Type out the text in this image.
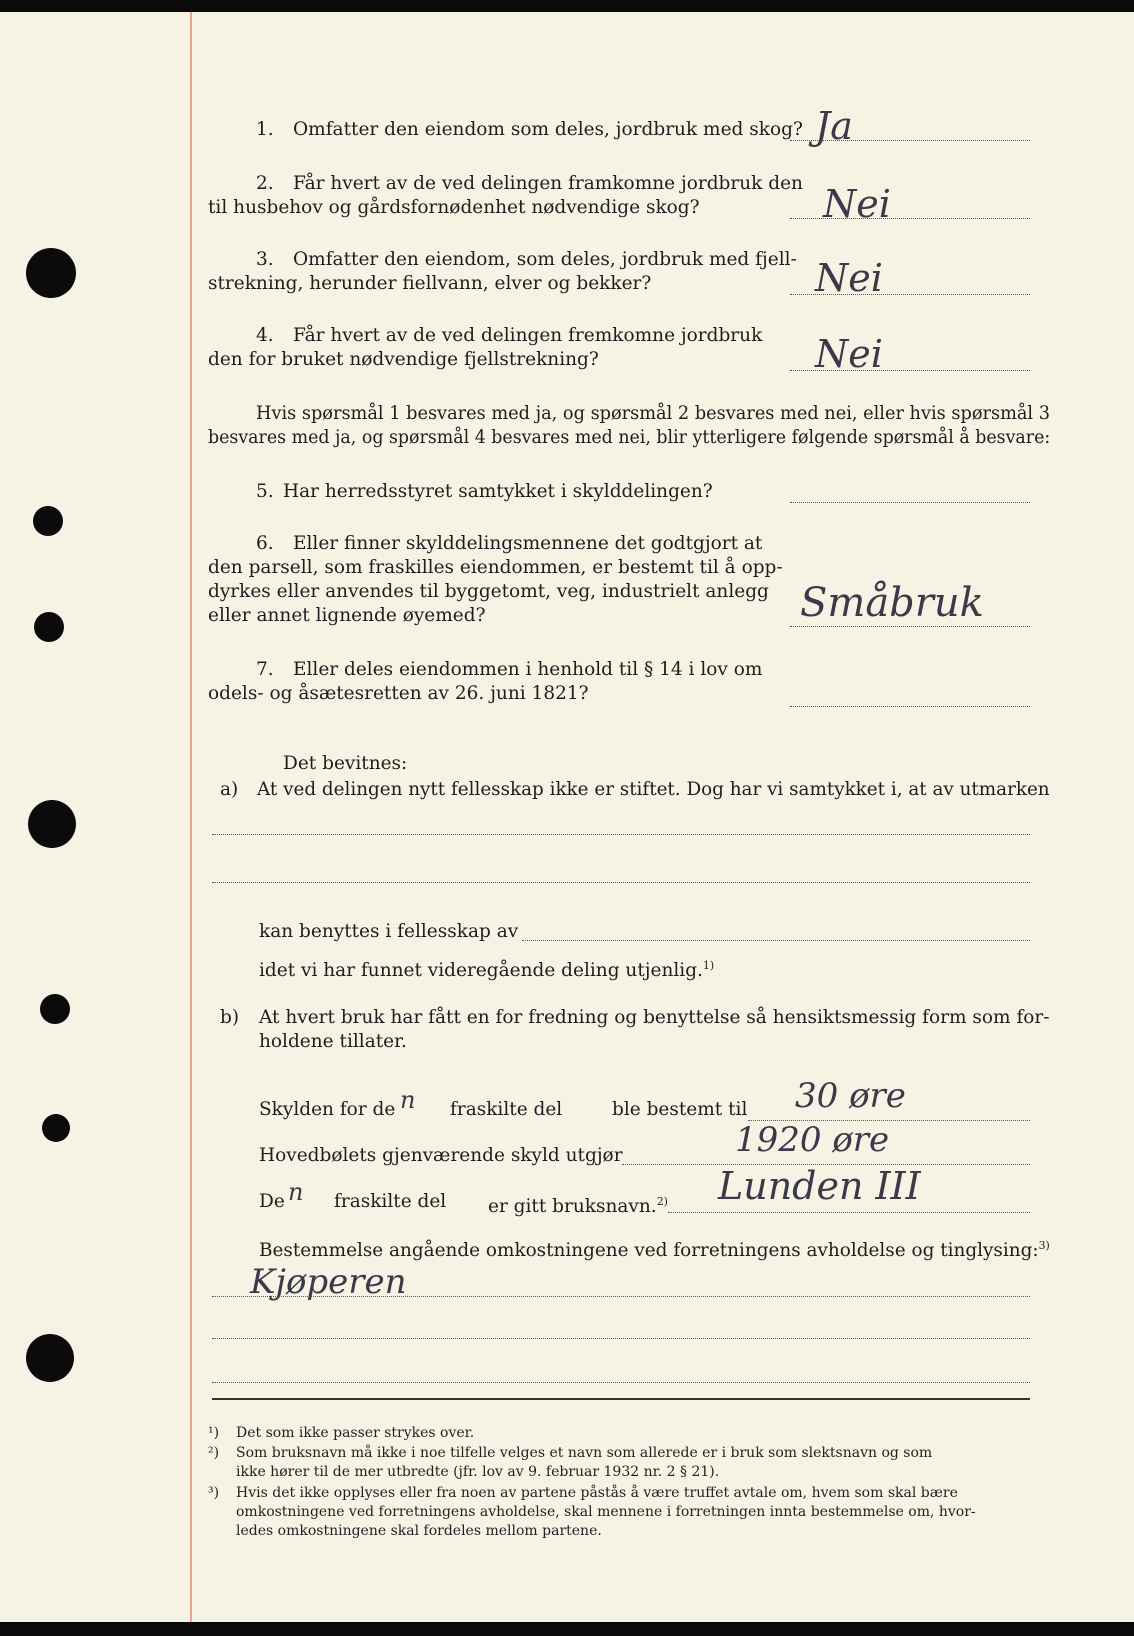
1. Omfatter den eiendom som deles, jordbruk med skog? Ja
2. Får hvert av de ved delingen framkomne jordbruk den
til husbehov og gårdsfornødenhet nødvendige skog?	Nei
3. Omfatter den eiendom, som deles, jordbruk med fjell-
strekning, herunder fiellvann, elver og bekker?	Nei
4. Får hvert av de ved delingen fremkomne jordbruk
den for bruket nødvendige fjellstrekning?	Nei
Hvis spørsmål 1 besvares med ja, og spørsmål 2 besvares med nei, eller hvis spørsmål 3
besvares med ja, og spørsmål 4 besvares med nei, blir ytterligere følgende spørsmål å besvare:
5. Har herredsstyret samtykket i skylddelingen?
6. Eller finner skylddelingsmennene det godtgjort at
den parsell, som fraskilles eiendommen, er bestemt til å opp-
dyrkes eller anvendes til byggetomt, veg, industrielt anlegg
eller annet lignende øyemed?	Småbruk
7. Eller deles eiendommen i henhold til § 14 i lov om
odels- og åsætesretten av 26. juni 1821?
Det bevitnes:
a) At ved delingen nytt fellesskap ikke er stiftet. Dog har vi samtykket i, at av utmarken
kan benyttes i fellesskap av
idet vi har funnet videregående deling utjenlig.$^{1)}$
b) At hvert bruk har fått en for fredning og benyttelse så hensiktsmessig form som for-
holdene tillater.
Skylden for de n fraskilte del	ble bestemt til 30 øre
Hovedbølets gjenværende skyld utgjør	1920 øre
De n fraskilte del er gitt bruksnavn.$^{2)}$ Lunden III
Bestemmelse angående omkostningene ved forretningens avholdelse og tinglysing:$^{3)}$
Kjøperen
¹) Det som ikke passer strykes over.
²) Som bruksnavn må ikke i noe tilfelle velges et navn som allerede er i bruk som slektsnavn og som
ikke hører til de mer utbredte (jfr. lov av 9. februar 1932 nr. 2 § 21).
³) Hvis det ikke opplyses eller fra noen av partene påstås å være truffet avtale om, hvem som skal bære
omkostningene ved forretningens avholdelse, skal mennene i forretningen innta bestemmelse om, hvor-
ledes omkostningene skal fordeles mellom partene.
